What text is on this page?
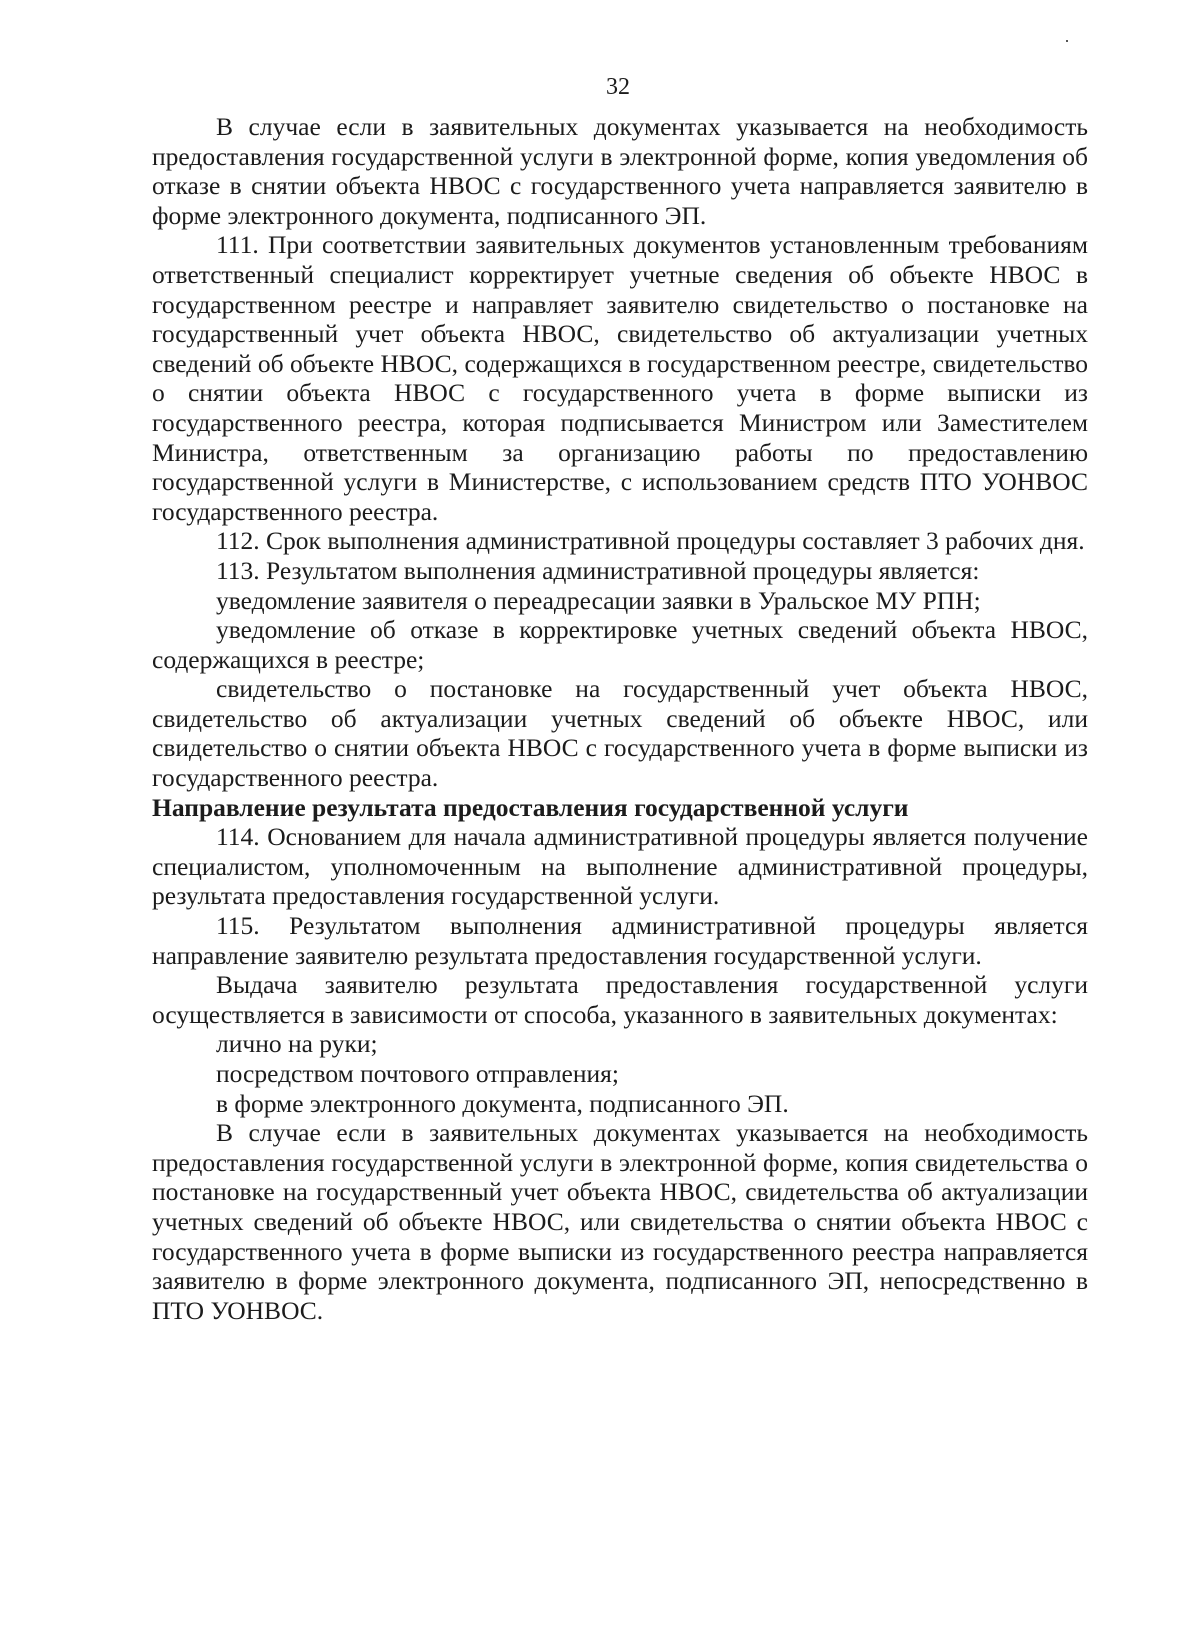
32

В случае если в заявительных документах указывается на необходимость предоставления государственной услуги в электронной форме, копия уведомления об отказе в снятии объекта НВОС с государственного учета направляется заявителю в форме электронного документа, подписанного ЭП.

111. При соответствии заявительных документов установленным требованиям ответственный специалист корректирует учетные сведения об объекте НВОС в государственном реестре и направляет заявителю свидетельство о постановке на государственный учет объекта НВОС, свидетельство об актуализации учетных сведений об объекте НВОС, содержащихся в государственном реестре, свидетельство о снятии объекта НВОС с государственного учета в форме выписки из государственного реестра, которая подписывается Министром или Заместителем Министра, ответственным за организацию работы по предоставлению государственной услуги в Министерстве, с использованием средств ПТО УОНВОС государственного реестра.

112. Срок выполнения административной процедуры составляет 3 рабочих дня.

113. Результатом выполнения административной процедуры является:

уведомление заявителя о переадресации заявки в Уральское МУ РПН;

уведомление об отказе в корректировке учетных сведений объекта НВОС, содержащихся в реестре;

свидетельство о постановке на государственный учет объекта НВОС, свидетельство об актуализации учетных сведений об объекте НВОС, или свидетельство о снятии объекта НВОС с государственного учета в форме выписки из государственного реестра.

Направление результата предоставления государственной услуги

114. Основанием для начала административной процедуры является получение специалистом, уполномоченным на выполнение административной процедуры, результата предоставления государственной услуги.

115. Результатом выполнения административной процедуры является направление заявителю результата предоставления государственной услуги.

Выдача заявителю результата предоставления государственной услуги осуществляется в зависимости от способа, указанного в заявительных документах:

лично на руки;

посредством почтового отправления;

в форме электронного документа, подписанного ЭП.

В случае если в заявительных документах указывается на необходимость предоставления государственной услуги в электронной форме, копия свидетельства о постановке на государственный учет объекта НВОС, свидетельства об актуализации учетных сведений об объекте НВОС, или свидетельства о снятии объекта НВОС с государственного учета в форме выписки из государственного реестра направляется заявителю в форме электронного документа, подписанного ЭП, непосредственно в ПТО УОНВОС.
